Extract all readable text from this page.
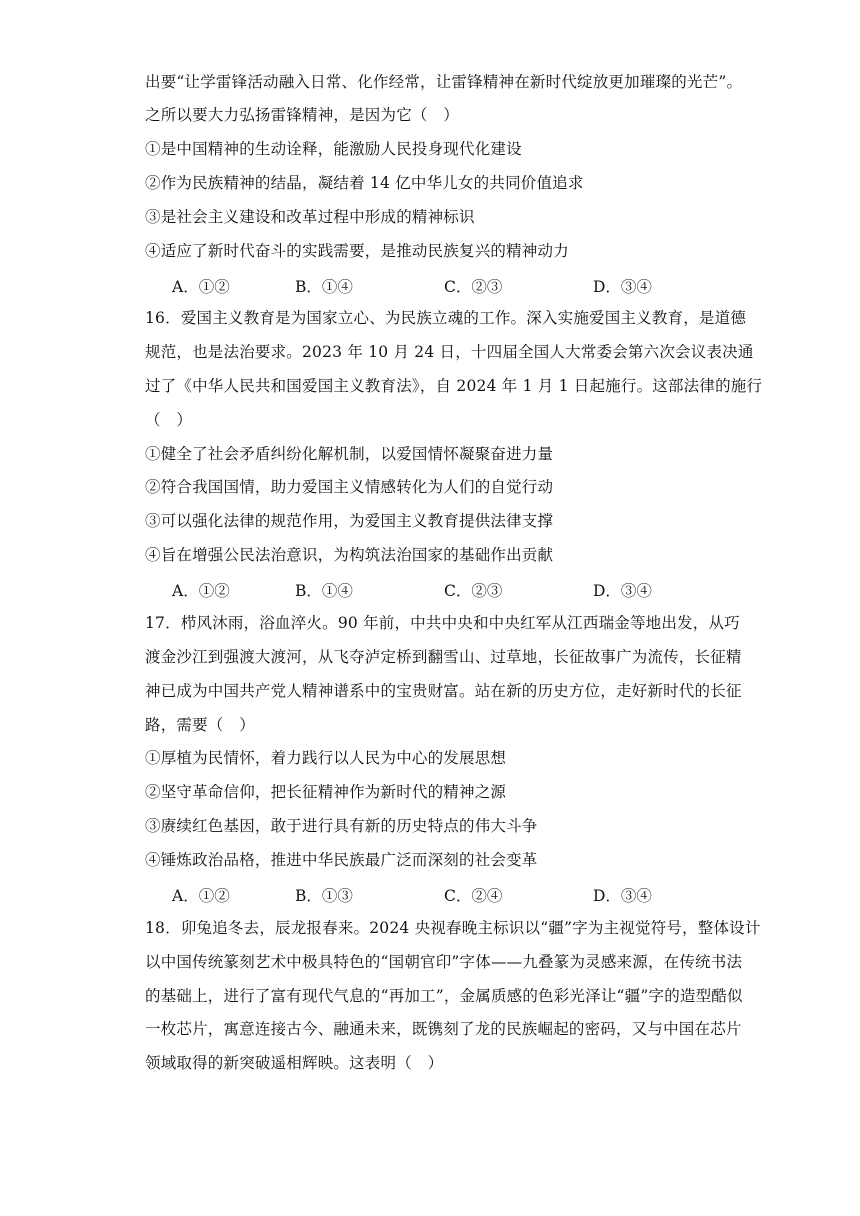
出要“让学雷锋活动融入日常、化作经常，让雷锋精神在新时代绽放更加璀璨的光芒”。
之所以要大力弘扬雷锋精神，是因为它（　）
①是中国精神的生动诠释，能激励人民投身现代化建设
②作为民族精神的结晶，凝结着 14 亿中华儿女的共同价值追求
③是社会主义建设和改革过程中形成的精神标识
④适应了新时代奋斗的实践需要，是推动民族复兴的精神动力
A．①②	B．①④	C．②③	D．③④
16．爱国主义教育是为国家立心、为民族立魂的工作。深入实施爱国主义教育，是道德
规范，也是法治要求。2023 年 10 月 24 日，十四届全国人大常委会第六次会议表决通
过了《中华人民共和国爱国主义教育法》，自 2024 年 1 月 1 日起施行。这部法律的施行
（　）
①健全了社会矛盾纠纷化解机制，以爱国情怀凝聚奋进力量
②符合我国国情，助力爱国主义情感转化为人们的自觉行动
③可以强化法律的规范作用，为爱国主义教育提供法律支撑
④旨在增强公民法治意识，为构筑法治国家的基础作出贡献
A．①②	B．①④	C．②③	D．③④
17．栉风沐雨，浴血淬火。90 年前，中共中央和中央红军从江西瑞金等地出发，从巧
渡金沙江到强渡大渡河，从飞夺泸定桥到翻雪山、过草地，长征故事广为流传，长征精
神已成为中国共产党人精神谱系中的宝贵财富。站在新的历史方位，走好新时代的长征
路，需要（　）
①厚植为民情怀，着力践行以人民为中心的发展思想
②坚守革命信仰，把长征精神作为新时代的精神之源
③赓续红色基因，敢于进行具有新的历史特点的伟大斗争
④锤炼政治品格，推进中华民族最广泛而深刻的社会变革
A．①②	B．①③	C．②④	D．③④
18．卯兔追冬去，辰龙报春来。2024 央视春晚主标识以“疆”字为主视觉符号，整体设计
以中国传统篆刻艺术中极具特色的“国朝官印”字体——九叠篆为灵感来源，在传统书法
的基础上，进行了富有现代气息的“再加工”，金属质感的色彩光泽让“疆”字的造型酷似
一枚芯片，寓意连接古今、融通未来，既镌刻了龙的民族崛起的密码，又与中国在芯片
领域取得的新突破遥相辉映。这表明（　）
